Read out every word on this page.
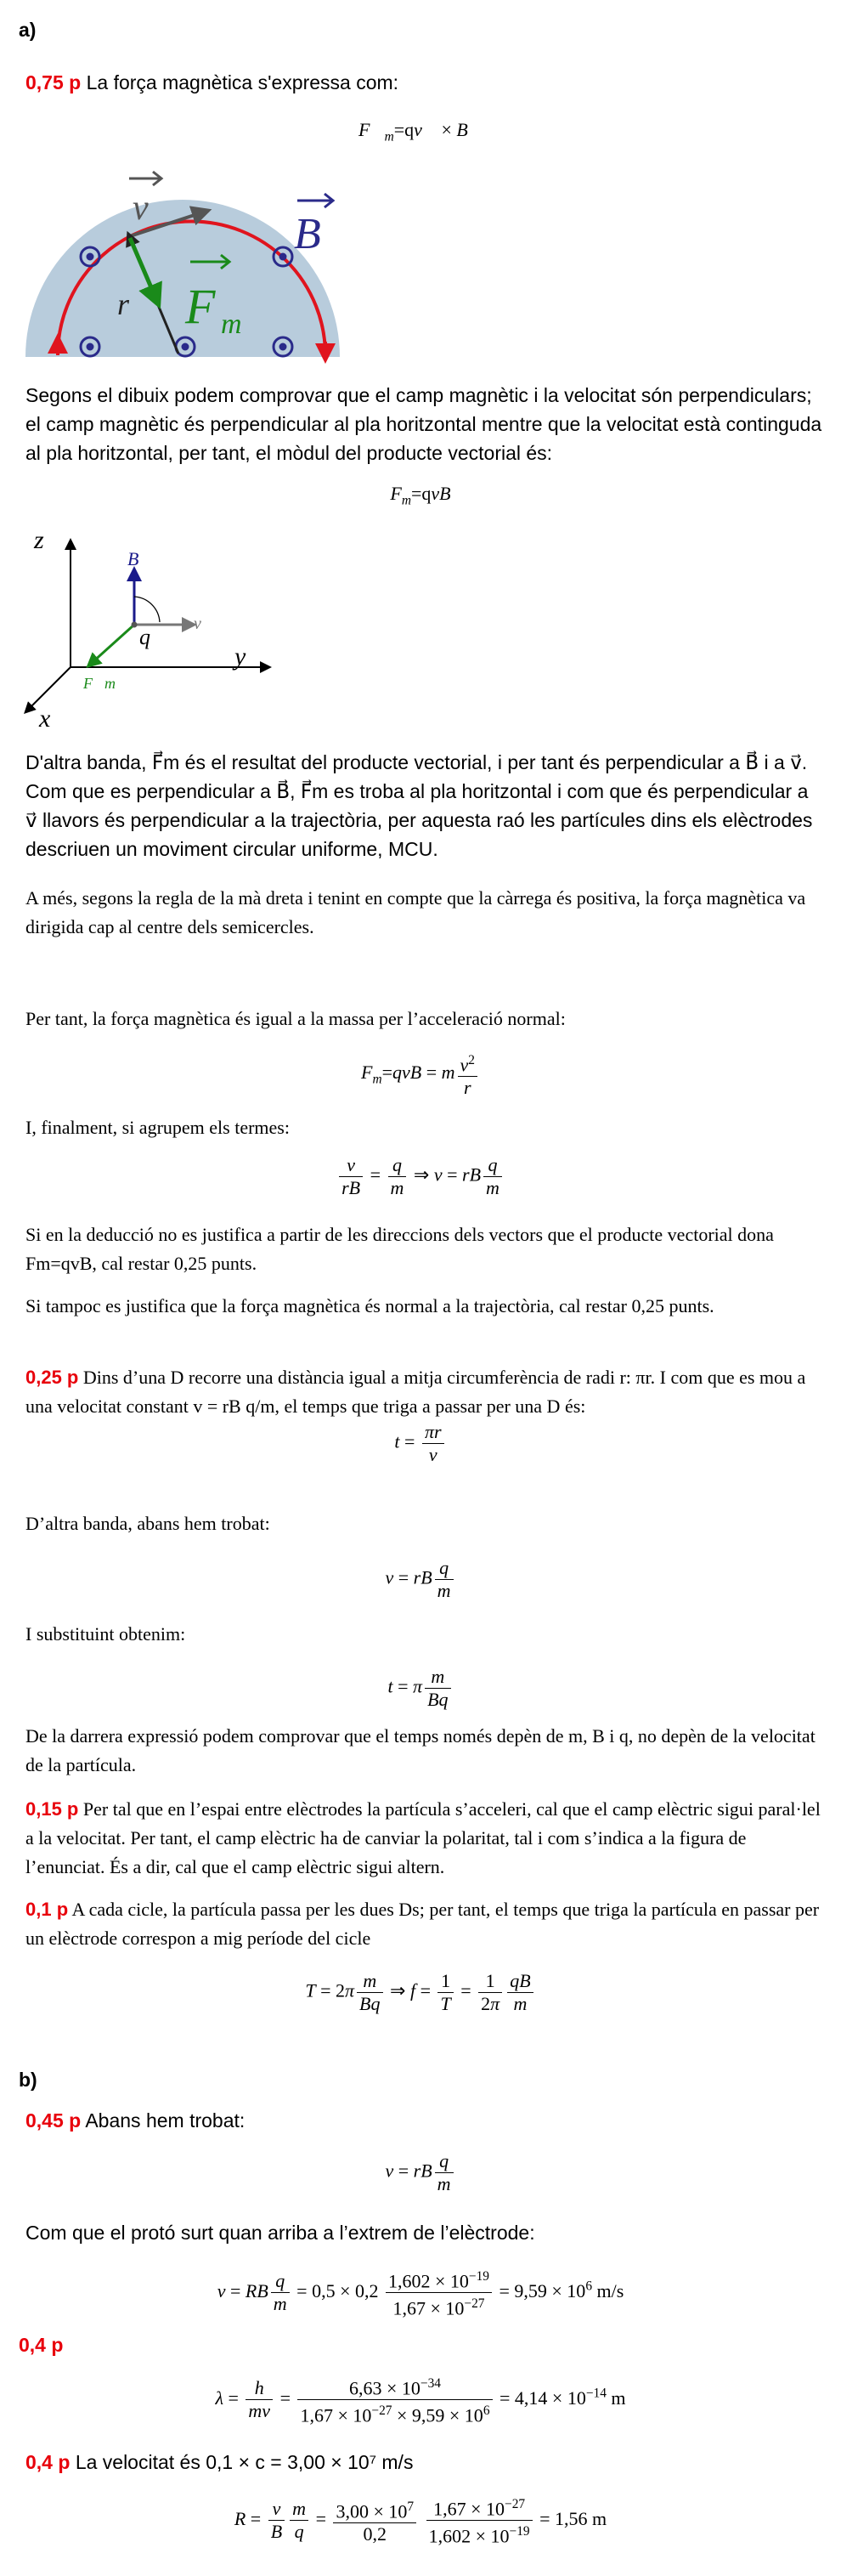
a)
0,75 p La força magnètica s'expressa com:
$F⃗_m=qv⃗$ × B⃗
v
B
r F m
Segons el dibuix podem comprovar que el camp magnètic i la velocitat són perpendiculars; el camp magnètic és perpendicular al pla horitzontal mentre que la velocitat està continguda al pla horitzontal, per tant, el mòdul del producte vectorial és:
$F_m=qvB$
z
y
x
q
B⃗
v⃗
F⃗m
D'altra banda, F⃗m és el resultat del producte vectorial, i per tant és perpendicular a B⃗ i a v⃗. Com que es perpendicular a B⃗, F⃗m es troba al pla horitzontal i com que és perpendicular a v⃗ llavors és perpendicular a la trajectòria, per aquesta raó les partícules dins els elèctrodes descriuen un moviment circular uniforme, MCU.
A més, segons la regla de la mà dreta i tenint en compte que la càrrega és positiva, la força magnètica va dirigida cap al centre dels semicercles.
Per tant, la força magnètica és igual a la massa per l’acceleració normal:
$F_m=qvB = m \frac{v^2}{r}$
I, finalment, si agrupem els termes:
$\frac{v}{rB} = \frac{q}{m}$ ⇒ v = rB $\frac{q}{m}$
Si en la deducció no es justifica a partir de les direccions dels vectors que el producte vectorial dona Fm=qvB, cal restar 0,25 punts.
Si tampoc es justifica que la força magnètica és normal a la trajectòria, cal restar 0,25 punts.
0,25 p Dins d’una D recorre una distància igual a mitja circumferència de radi r: πr. I com que es mou a una velocitat constant v = rB q/m, el temps que triga a passar per una D és:
$t = \frac{\pi r}{v}$
D’altra banda, abans hem trobat:
v = rB $\frac{q}{m}$
I substituint obtenim:
t = π $\frac{m}{Bq}$
De la darrera expressió podem comprovar que el temps només depèn de m, B i q, no depèn de la velocitat de la partícula.
0,15 p Per tal que en l’espai entre elèctrodes la partícula s’acceleri, cal que el camp elèctric sigui paral·lel a la velocitat. Per tant, el camp elèctric ha de canviar la polaritat, tal i com s’indica a la figura de l’enunciat. És a dir, cal que el camp elèctric sigui altern.
0,1 p A cada cicle, la partícula passa per les dues Ds; per tant, el temps que triga la partícula en passar per un elèctrode correspon a mig període del cicle
$T = 2\pi \frac{m}{Bq}$ ⇒ $f = \frac{1}{T} = \frac{1}{2\pi} \frac{qB}{m}$
b)
0,45 p Abans hem trobat:
v = rB $\frac{q}{m}$
Com que el protó surt quan arriba a l’extrem de l’elèctrode:
v = RB $\frac{q}{m} = 0,5 \times 0,2 \frac{1,602 \times 10^{-19}}{1,67 \times 10^{-27}} = 9,59 \times 10^6$ m/s
0,4 p
$\lambda = \frac{h}{mv} = \frac{6,63 \times 10^{-34}}{1,67 \times 10^{-27} \times 9,59 \times 10^6} = 4,14 \times 10^{-14}$ m
0,4 p La velocitat és 0,1 × c = 3,00 × 10⁷ m/s
$R = \frac{v}{B} \frac{m}{q} = \frac{3,00 \times 10^7}{0,2}$
$\frac{1,67 \times 10^{-27}}{1,602 \times 10^{-19}} = 1,56$ m
